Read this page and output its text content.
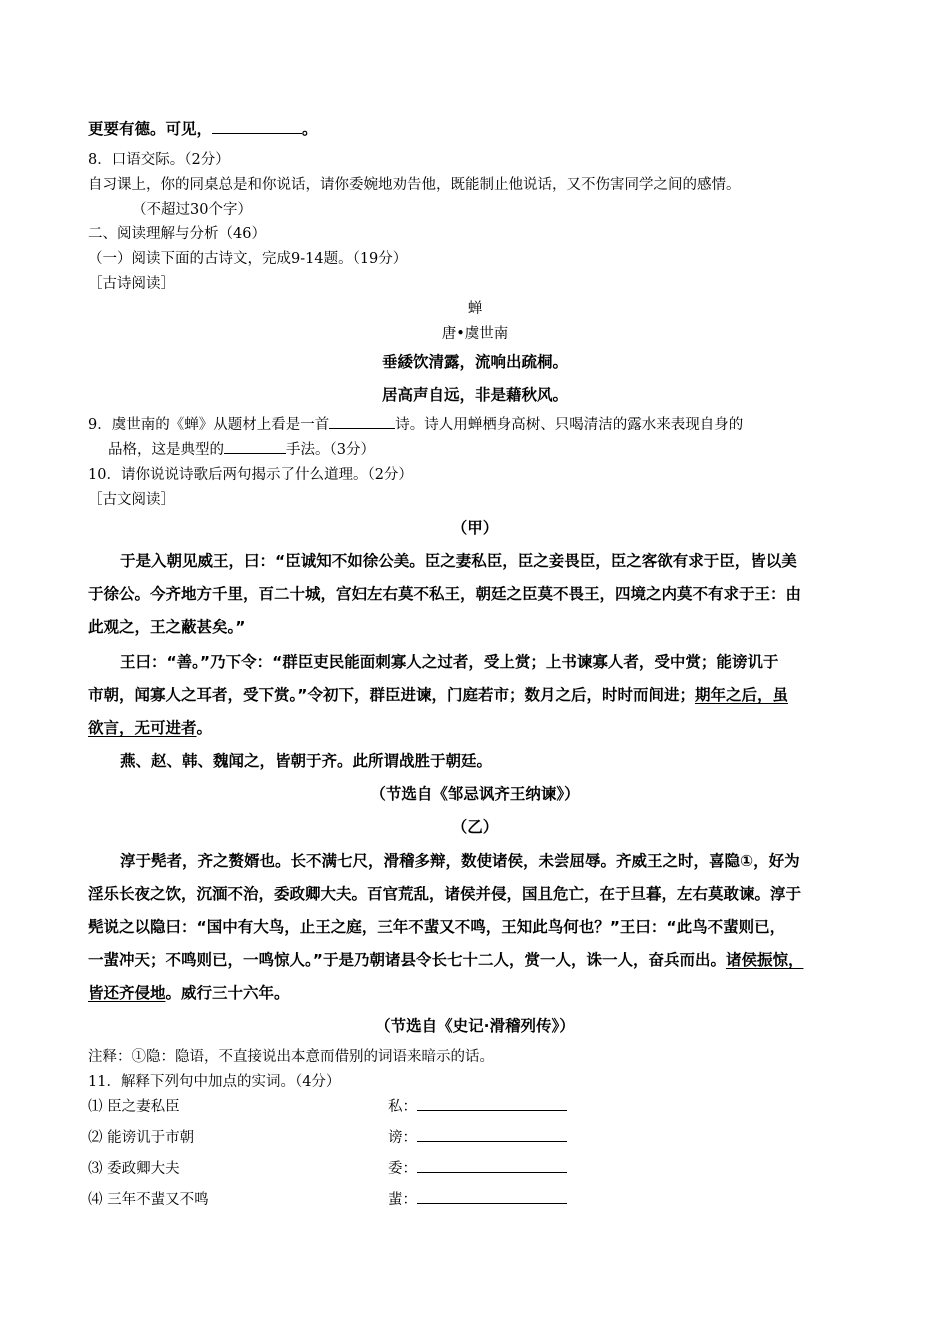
更要有德。可见，	。
8．口语交际。（2分）
自习课上，你的同桌总是和你说话，请你委婉地劝告他，既能制止他说话，又不伤害同学之间的感情。
（不超过30个字）
二、阅读理解与分析（46）
（一）阅读下面的古诗文，完成9-14题。（19分）
［古诗阅读］
蝉
唐•虞世南
垂緌饮清露，流响出疏桐。
居高声自远，非是藉秋风。
9．虞世南的《蝉》从题材上看是一首	诗。诗人用蝉栖身高树、只喝清洁的露水来表现自身的
品格，这是典型的	手法。（3分）
10．请你说说诗歌后两句揭示了什么道理。（2分）
［古文阅读］
（甲）
于是入朝见威王，曰：“臣诚知不如徐公美。臣之妻私臣，臣之妾畏臣，臣之客欲有求于臣，皆以美
于徐公。今齐地方千里，百二十城，宫妇左右莫不私王，朝廷之臣莫不畏王，四境之内莫不有求于王：由
此观之，王之蔽甚矣。”
王曰：“善。”乃下令：“群臣吏民能面刺寡人之过者，受上赏；上书谏寡人者，受中赏；能谤讥于
市朝，闻寡人之耳者，受下赏。”令初下，群臣进谏，门庭若市；数月之后，时时而间进；期年之后，虽
欲言，无可进者。
燕、赵、韩、魏闻之，皆朝于齐。此所谓战胜于朝廷。
（节选自《邹忌讽齐王纳谏》）
（乙）
淳于髡者，齐之赘婿也。长不满七尺，滑稽多辩，数使诸侯，未尝屈辱。齐威王之时，喜隐①，好为
淫乐长夜之饮，沉湎不治，委政卿大夫。百官荒乱，诸侯并侵，国且危亡，在于旦暮，左右莫敢谏。淳于
髡说之以隐曰：“国中有大鸟，止王之庭，三年不蜚又不鸣，王知此鸟何也？”王曰：“此鸟不蜚则已，
一蜚冲天；不鸣则已，一鸣惊人。”于是乃朝诸县令长七十二人，赏一人，诛一人，奋兵而出。诸侯振惊，
皆还齐侵地。威行三十六年。
（节选自《史记·滑稽列传》）
注释：①隐：隐语，不直接说出本意而借别的词语来暗示的话。
11．解释下列句中加点的实词。（4分）
⑴ 臣之妻私臣	私：
⑵ 能谤讥于市朝	谤：
⑶ 委政卿大夫	委：
⑷ 三年不蜚又不鸣	蜚：
